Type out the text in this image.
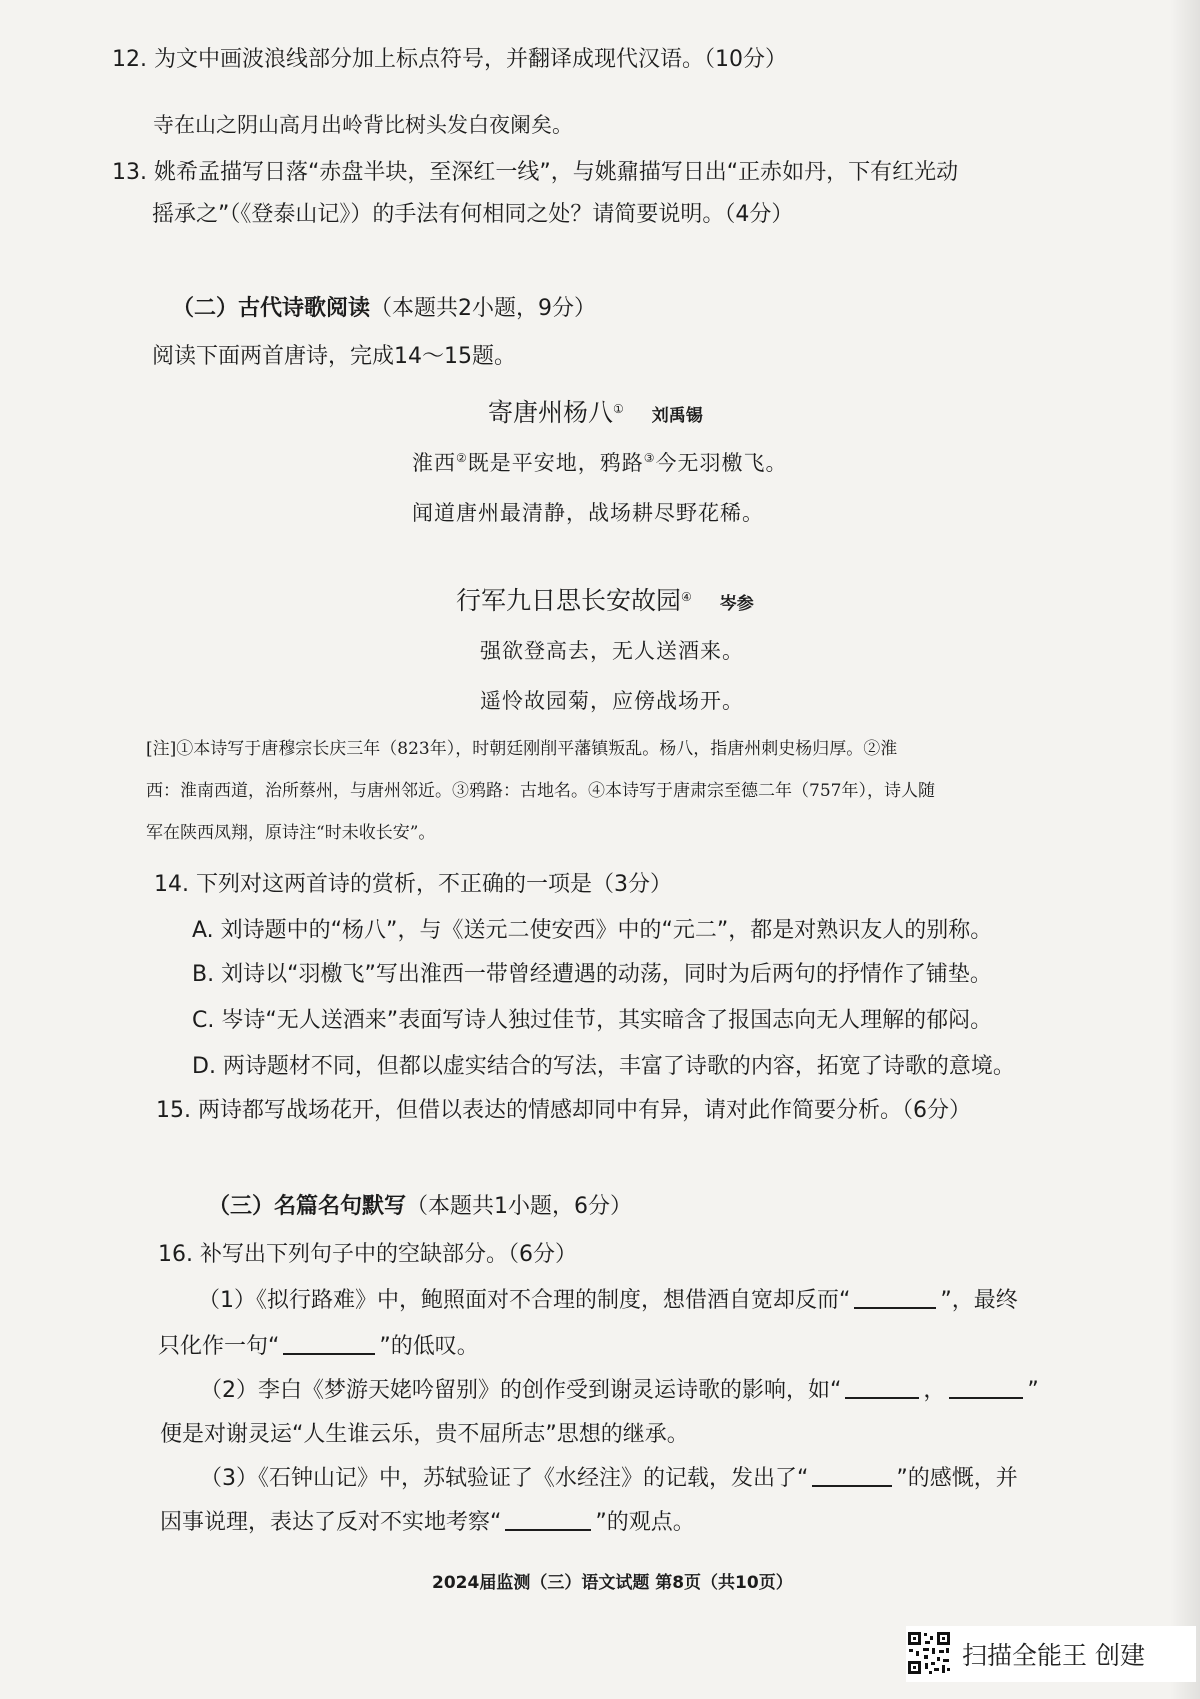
12. 为文中画波浪线部分加上标点符号，并翻译成现代汉语。（10分）
寺在山之阴山高月出岭背比树头发白夜阑矣。
13. 姚希孟描写日落“赤盘半块，至深红一线”，与姚鼐描写日出“正赤如丹，下有红光动
摇承之”（《登泰山记》）的手法有何相同之处？请简要说明。（4分）
（二）古代诗歌阅读（本题共2小题，9分）
阅读下面两首唐诗，完成14～15题。
寄唐州杨八① 刘禹锡
淮西②既是平安地，鸦路③今无羽檄飞。
闻道唐州最清静，战场耕尽野花稀。
行军九日思长安故园④ 岑参
强欲登高去，无人送酒来。
遥怜故园菊，应傍战场开。
[注]①本诗写于唐穆宗长庆三年（823年），时朝廷刚削平藩镇叛乱。杨八，指唐州刺史杨归厚。②淮
西：淮南西道，治所蔡州，与唐州邻近。③鸦路：古地名。④本诗写于唐肃宗至德二年（757年），诗人随
军在陕西凤翔，原诗注“时未收长安”。
14. 下列对这两首诗的赏析，不正确的一项是（3分）
A. 刘诗题中的“杨八”，与《送元二使安西》中的“元二”，都是对熟识友人的别称。
B. 刘诗以“羽檄飞”写出淮西一带曾经遭遇的动荡，同时为后两句的抒情作了铺垫。
C. 岑诗“无人送酒来”表面写诗人独过佳节，其实暗含了报国志向无人理解的郁闷。
D. 两诗题材不同，但都以虚实结合的写法，丰富了诗歌的内容，拓宽了诗歌的意境。
15. 两诗都写战场花开，但借以表达的情感却同中有异，请对此作简要分析。（6分）
（三）名篇名句默写（本题共1小题，6分）
16. 补写出下列句子中的空缺部分。（6分）
（1）《拟行路难》中，鲍照面对不合理的制度，想借酒自宽却反而“	”，最终
只化作一句“	”的低叹。
（2）李白《梦游天姥吟留别》的创作受到谢灵运诗歌的影响，如“	，	”
便是对谢灵运“人生谁云乐，贵不屈所志”思想的继承。
（3）《石钟山记》中，苏轼验证了《水经注》的记载，发出了“	”的感慨，并
因事说理，表达了反对不实地考察“	”的观点。
2024届监测（三）语文试题 第8页（共10页）
扫描全能王 创建
